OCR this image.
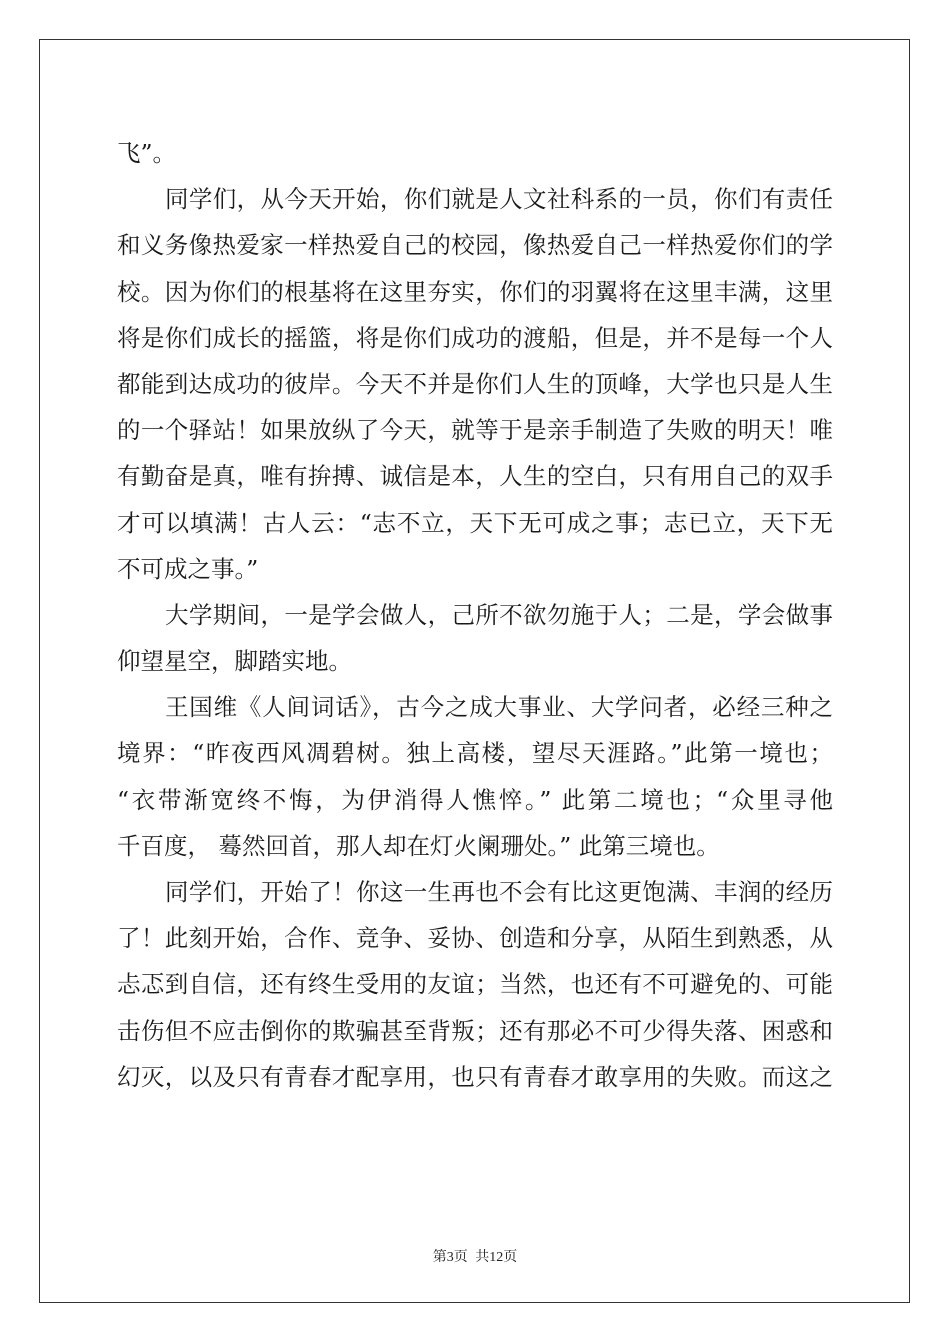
飞”。
同学们，从今天开始，你们就是人文社科系的一员，你们有责任
和义务像热爱家一样热爱自己的校园，像热爱自己一样热爱你们的学
校。因为你们的根基将在这里夯实，你们的羽翼将在这里丰满，这里
将是你们成长的摇篮，将是你们成功的渡船，但是，并不是每一个人
都能到达成功的彼岸。今天不并是你们人生的顶峰，大学也只是人生
的一个驿站！如果放纵了今天，就等于是亲手制造了失败的明天！唯
有勤奋是真，唯有拚搏、诚信是本，人生的空白，只有用自己的双手
才可以填满！古人云：“志不立，天下无可成之事；志已立，天下无
不可成之事。”
大学期间，一是学会做人，己所不欲勿施于人；二是，学会做事
仰望星空，脚踏实地。
王国维《人间词话》，古今之成大事业、大学问者，必经三种之
境界：“昨夜西风凋碧树。独上高楼，望尽天涯路。”此第一境也；
“衣带渐宽终不悔，为伊消得人憔悴。” 此第二境也；“众里寻他
千百度， 蓦然回首，那人却在灯火阑珊处。” 此第三境也。
同学们，开始了！你这一生再也不会有比这更饱满、丰润的经历
了！此刻开始，合作、竞争、妥协、创造和分享，从陌生到熟悉，从
忐忑到自信，还有终生受用的友谊；当然，也还有不可避免的、可能
击伤但不应击倒你的欺骗甚至背叛；还有那必不可少得失落、困惑和
幻灭，以及只有青春才配享用，也只有青春才敢享用的失败。而这之
第3页 共12页
